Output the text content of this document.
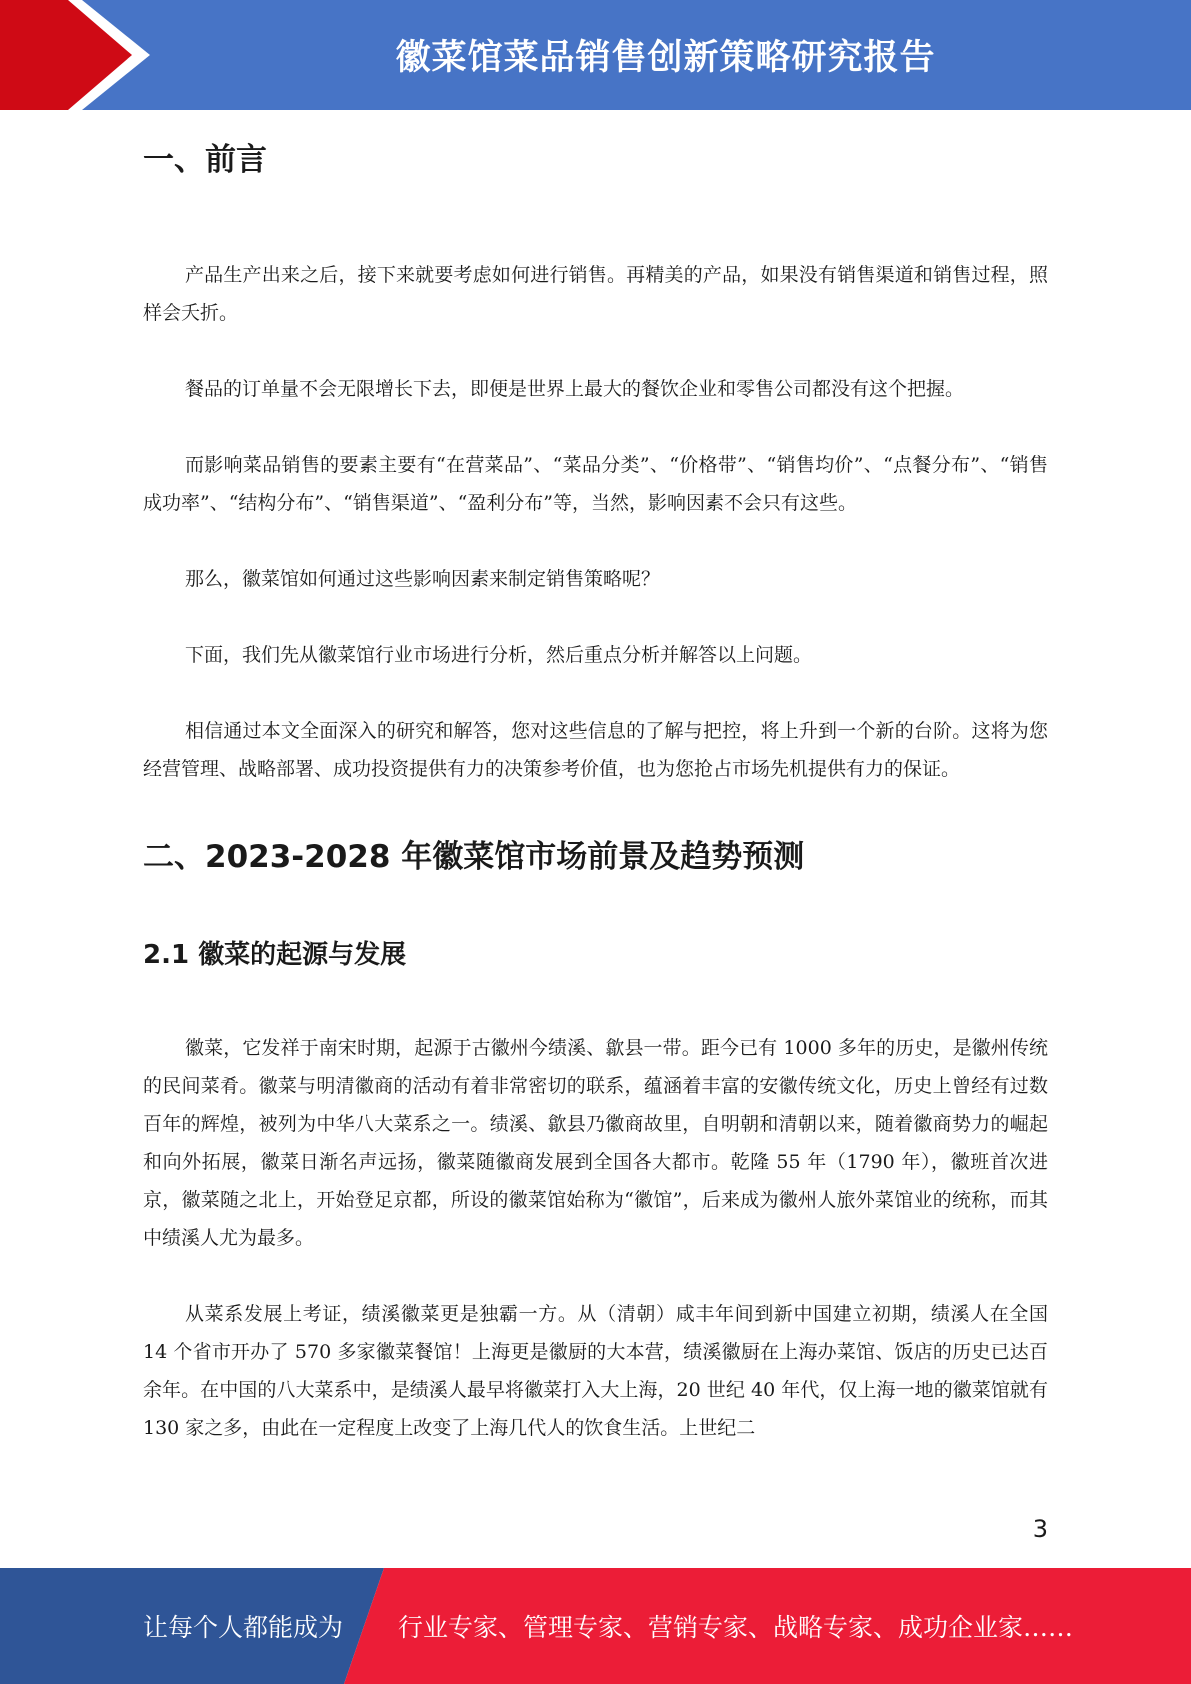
徽菜馆菜品销售创新策略研究报告
一、前言

产品生产出来之后，接下来就要考虑如何进行销售。再精美的产品，如果没有销售渠道和销售过程，照样会夭折。

餐品的订单量不会无限增长下去，即便是世界上最大的餐饮企业和零售公司都没有这个把握。

而影响菜品销售的要素主要有“在营菜品”、“菜品分类”、“价格带”、“销售均价”、“点餐分布”、“销售成功率”、“结构分布”、“销售渠道”、“盈利分布”等，当然，影响因素不会只有这些。

那么，徽菜馆如何通过这些影响因素来制定销售策略呢？

下面，我们先从徽菜馆行业市场进行分析，然后重点分析并解答以上问题。

相信通过本文全面深入的研究和解答，您对这些信息的了解与把控，将上升到一个新的台阶。这将为您经营管理、战略部署、成功投资提供有力的决策参考价值，也为您抢占市场先机提供有力的保证。

二、2023-2028 年徽菜馆市场前景及趋势预测
2.1 徽菜的起源与发展

徽菜，它发祥于南宋时期，起源于古徽州今绩溪、歙县一带。距今已有 1000 多年的历史，是徽州传统的民间菜肴。徽菜与明清徽商的活动有着非常密切的联系，蕴涵着丰富的安徽传统文化，历史上曾经有过数百年的辉煌，被列为中华八大菜系之一。绩溪、歙县乃徽商故里，自明朝和清朝以来，随着徽商势力的崛起和向外拓展，徽菜日渐名声远扬，徽菜随徽商发展到全国各大都市。乾隆 55 年（1790 年），徽班首次进京，徽菜随之北上，开始登足京都，所设的徽菜馆始称为“徽馆”，后来成为徽州人旅外菜馆业的统称，而其中绩溪人尤为最多。

从菜系发展上考证，绩溪徽菜更是独霸一方。从（清朝）咸丰年间到新中国建立初期，绩溪人在全国 14 个省市开办了 570 多家徽菜餐馆！上海更是徽厨的大本营，绩溪徽厨在上海办菜馆、饭店的历史已达百余年。在中国的八大菜系中，是绩溪人最早将徽菜打入大上海，20 世纪 40 年代，仅上海一地的徽菜馆就有 130 家之多，由此在一定程度上改变了上海几代人的饮食生活。上世纪二

3
让每个人都能成为 行业专家、管理专家、营销专家、战略专家、成功企业家……
